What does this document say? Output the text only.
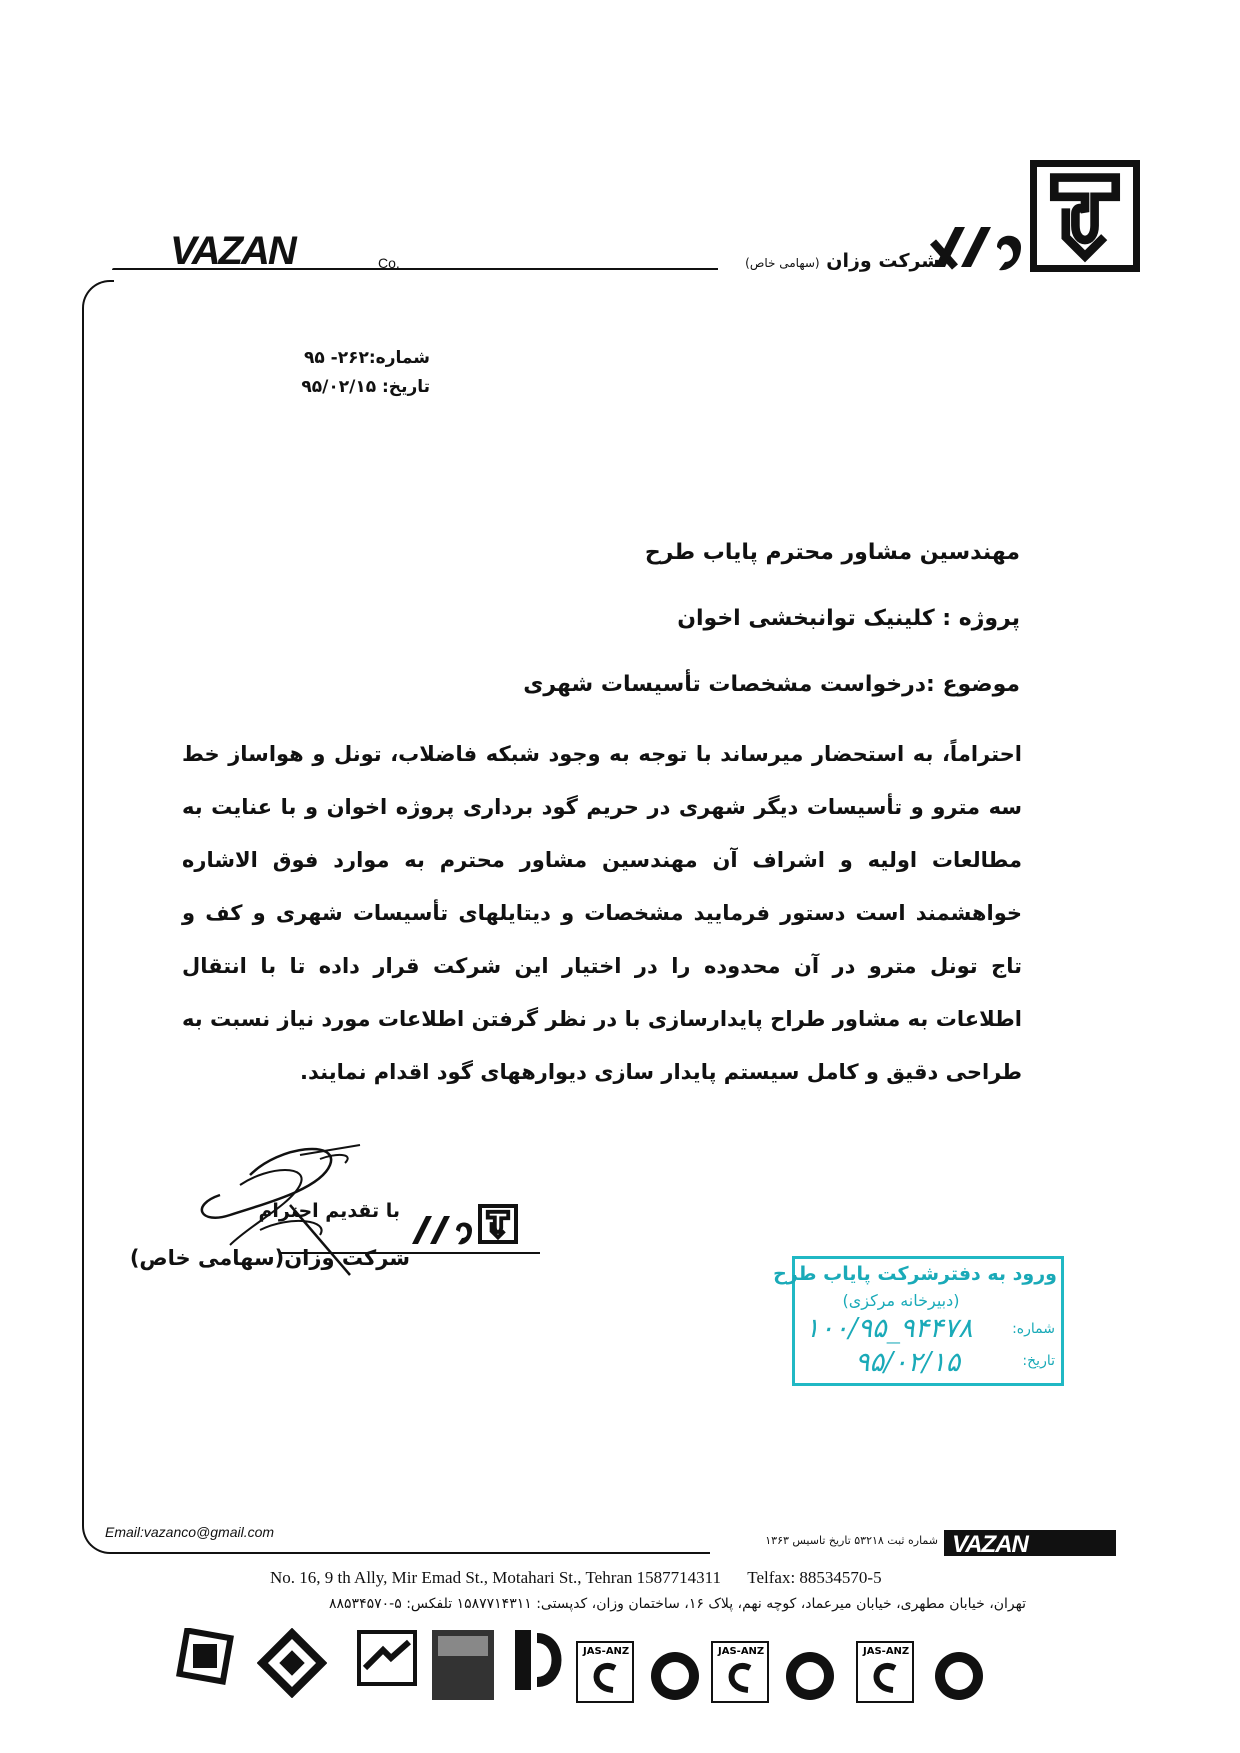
شرکت وزان (سهامی خاص)
VAZAN	Co.
شماره:۲۶۲- ۹۵
تاریخ: ۹۵/۰۲/۱۵
مهندسین مشاور محترم پایاب طرح
پروژه : کلینیک توانبخشی اخوان
موضوع :درخواست مشخصات تأسیسات شهری
احتراماً، به استحضار میرساند با توجه به وجود شبکه فاضلاب، تونل و هواساز خط سه مترو و تأسیسات دیگر شهری در حریم گود برداری پروژه اخوان و با عنایت به مطالعات اولیه و اشراف آن مهندسین مشاور محترم به موارد فوق الاشاره خواهشمند است دستور فرمایید مشخصات و دیتایلهای تأسیسات شهری و کف و تاج تونل مترو در آن محدوده را در اختیار این شرکت قرار داده تا با انتقال اطلاعات به مشاور طراح پایدارسازی با در نظر گرفتن اطلاعات مورد نیاز نسبت به طراحی دقیق و کامل سیستم پایدار سازی دیوارههای گود اقدام نمایند.
با تقدیم احترام
شرکت وزان(سهامی خاص)
ورود به دفترشرکت پایاب طرح
(دبیرخانه مرکزی)
شماره:
۱۰۰/۹۵_۹۴۴۷۸
تاریخ:
۹۵/۰۲/۱۵
Email:vazanco@gmail.com
شماره ثبت ۵۳۲۱۸ تاریخ تاسیس ۱۳۶۳ VAZAN
No. 16, 9 th Ally, Mir Emad St., Motahari St., Tehran 1587714311 Telfax: 88534570-5
تهران، خیابان مطهری، خیابان میرعماد، کوچه نهم، پلاک ۱۶، ساختمان وزان، کدپستی: ۱۵۸۷۷۱۴۳۱۱ تلفکس: ۵-۸۸۵۳۴۵۷۰
JAS-ANZ	JAS-ANZ	JAS-ANZ
